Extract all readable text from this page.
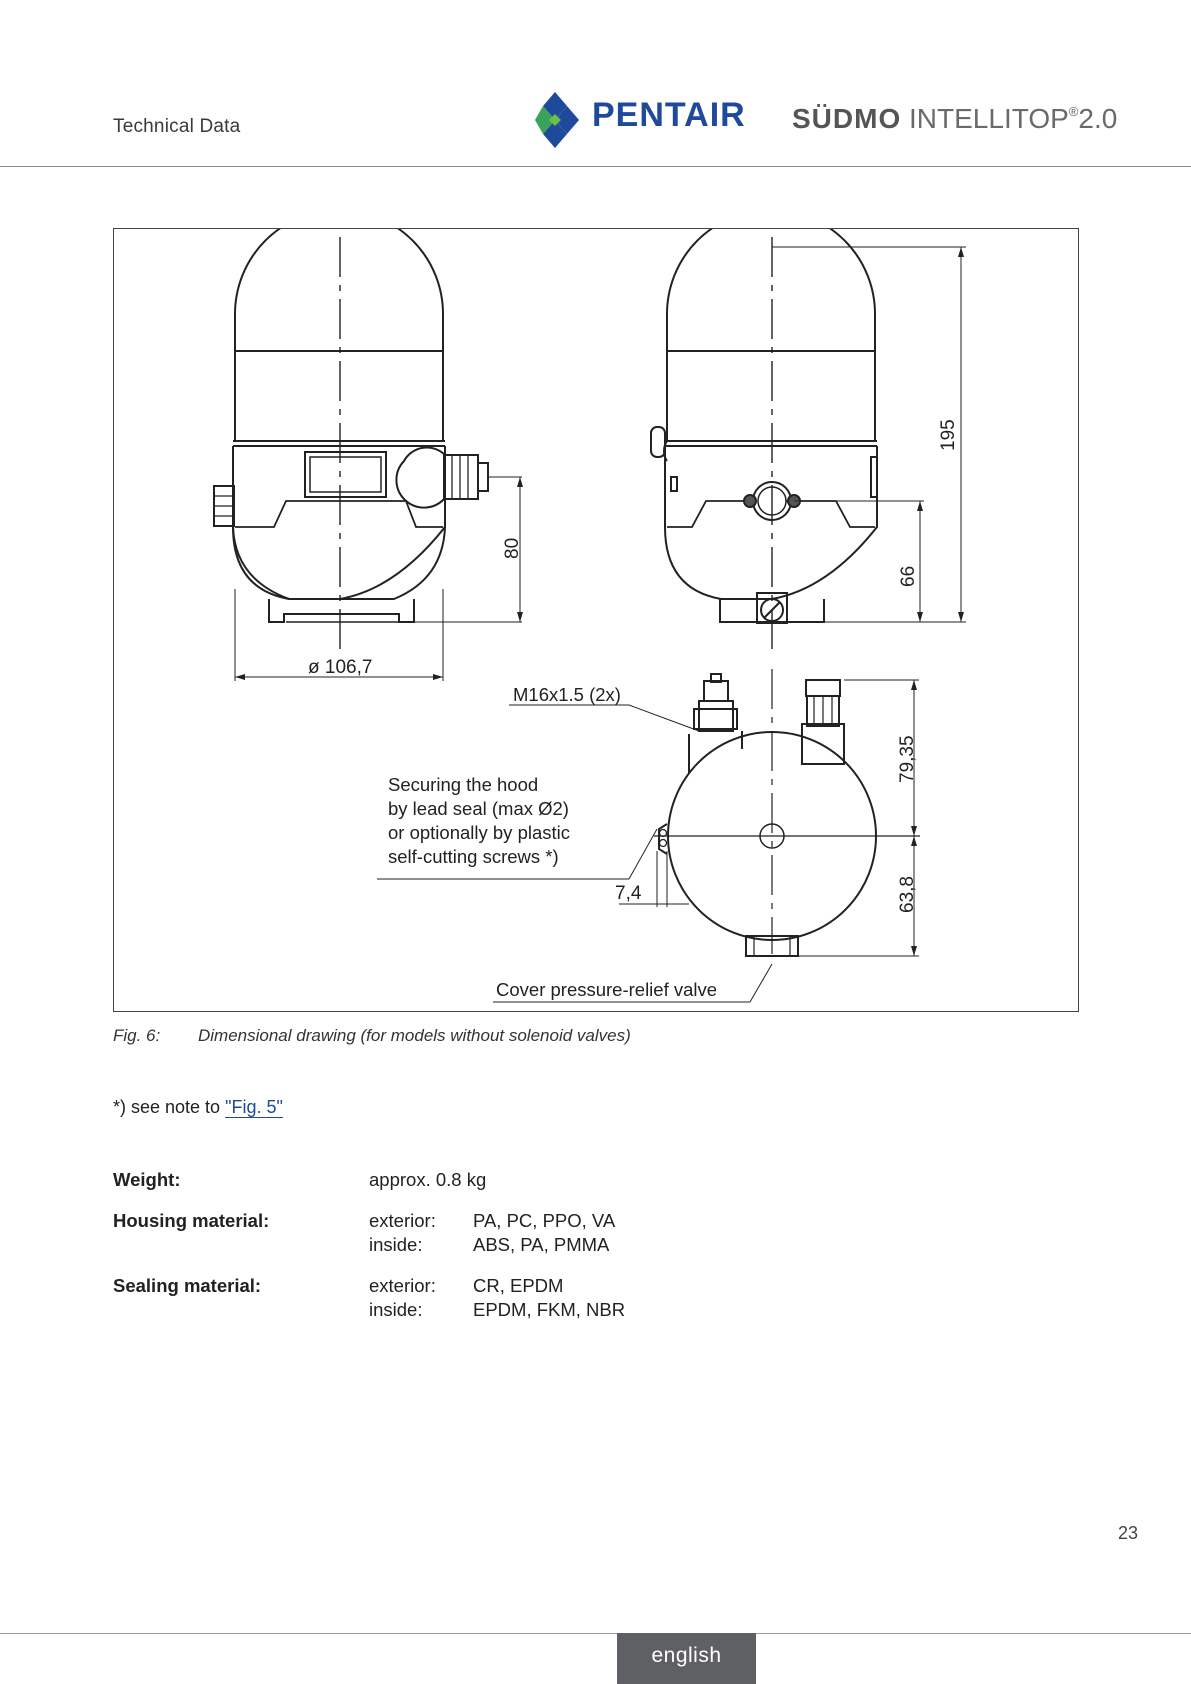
Technical Data	PENTAIR SÜDMO INTELLITOP®2.0
ø 106,7
80
195
66
79,35
63,8
7,4
M16x1.5 (2x)
Securing the hood
by lead seal (max Ø2)
or optionally by plastic
self-cutting screws *)
Cover pressure-relief valve
Fig. 6: Dimensional drawing (for models without solenoid valves)
*) see note to "Fig. 5"
Weight:	approx. 0.8 kg
Housing material:	exterior: PA, PC, PPO, VA
inside:	ABS, PA, PMMA
Sealing material:	exterior: CR, EPDM
inside:	EPDM, FKM, NBR
23
english
